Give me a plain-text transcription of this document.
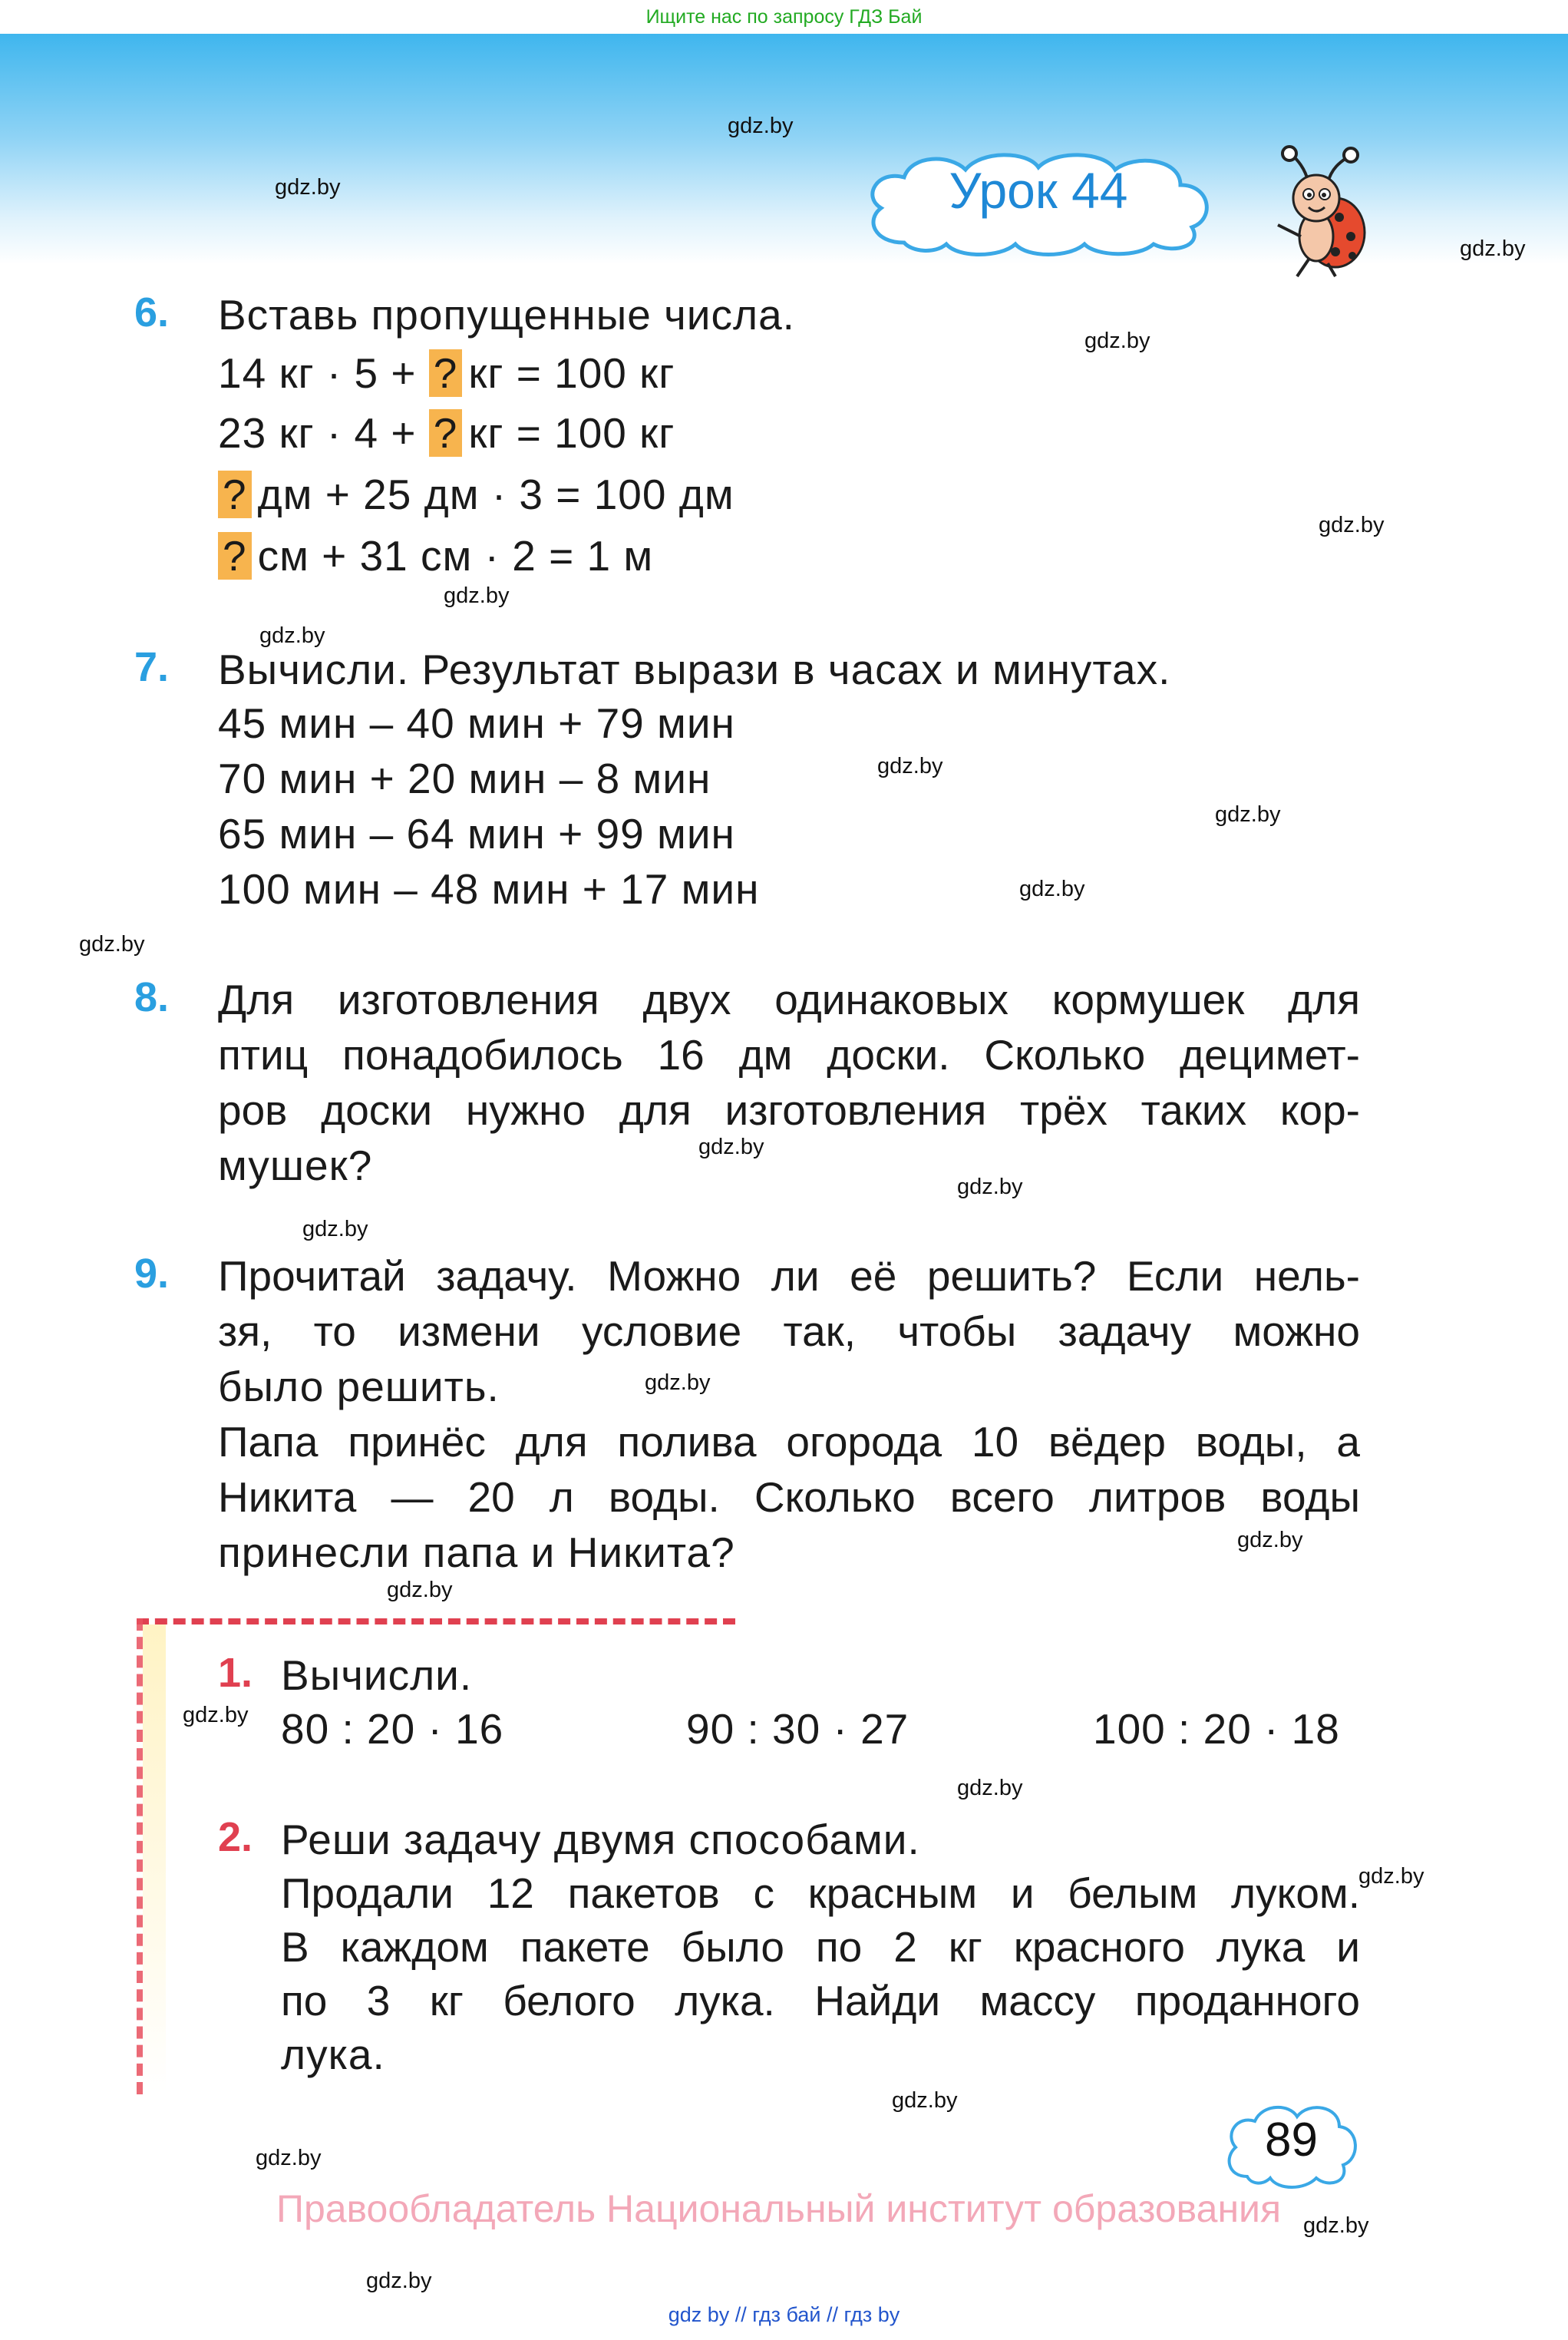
Ищите нас по запросу ГДЗ Бай
Урок 44
gdz.by
gdz.by
gdz.by
gdz.by
gdz.by
gdz.by
gdz.by
gdz.by
gdz.by
gdz.by
gdz.by
gdz.by
gdz.by
gdz.by
gdz.by
gdz.by
gdz.by
gdz.by
gdz.by
gdz.by
gdz.by
gdz.by
gdz.by
gdz.by
6. Вставь пропущенные числа.
14 кг · 5 + ? кг = 100 кг
23 кг · 4 + ? кг = 100 кг
? дм + 25 дм · 3 = 100 дм
? см + 31 см · 2 = 1 м
7. Вычисли. Результат вырази в часах и минутах.
45 мин – 40 мин + 79 мин
70 мин + 20 мин – 8 мин
65 мин – 64 мин + 99 мин
100 мин – 48 мин + 17 мин
8. Для изготовления двух одинаковых кормушек для
птиц понадобилось 16 дм доски. Сколько децимет-
ров доски нужно для изготовления трёх таких кор-
мушек?
9. Прочитай задачу. Можно ли её решить? Если нель-
зя, то измени условие так, чтобы задачу можно
было решить.
Папа принёс для полива огорода 10 вёдер воды, а
Никита — 20 л воды. Сколько всего литров воды
принесли папа и Никита?
1. Вычисли.
80 : 20 · 16	90 : 30 · 27	100 : 20 · 18
2. Реши задачу двумя способами.
Продали 12 пакетов с красным и белым луком.
В каждом пакете было по 2 кг красного лука и
по 3 кг белого лука. Найди массу проданного
лука.
89
Правообладатель Национальный институт образования
gdz by // гдз бай // гдз by
